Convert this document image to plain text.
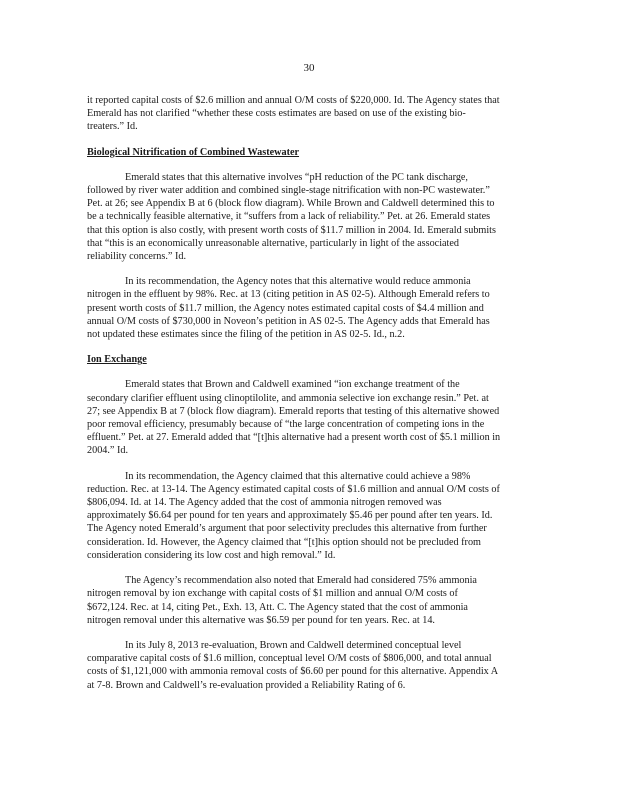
30

it reported capital costs of $2.6 million and annual O/M costs of $220,000. Id. The Agency states that Emerald has not clarified “whether these costs estimates are based on use of the existing bio-treaters.” Id.

Biological Nitrification of Combined Wastewater

Emerald states that this alternative involves “pH reduction of the PC tank discharge, followed by river water addition and combined single-stage nitrification with non-PC wastewater.” Pet. at 26; see Appendix B at 6 (block flow diagram). While Brown and Caldwell determined this to be a technically feasible alternative, it “suffers from a lack of reliability.” Pet. at 26. Emerald states that this option is also costly, with present worth costs of $11.7 million in 2004. Id. Emerald submits that “this is an economically unreasonable alternative, particularly in light of the associated reliability concerns.” Id.

In its recommendation, the Agency notes that this alternative would reduce ammonia nitrogen in the effluent by 98%. Rec. at 13 (citing petition in AS 02-5). Although Emerald refers to present worth costs of $11.7 million, the Agency notes estimated capital costs of $4.4 million and annual O/M costs of $730,000 in Noveon’s petition in AS 02-5. The Agency adds that Emerald has not updated these estimates since the filing of the petition in AS 02-5. Id., n.2.

Ion Exchange

Emerald states that Brown and Caldwell examined “ion exchange treatment of the secondary clarifier effluent using clinoptilolite, and ammonia selective ion exchange resin.” Pet. at 27; see Appendix B at 7 (block flow diagram). Emerald reports that testing of this alternative showed poor removal efficiency, presumably because of “the large concentration of competing ions in the effluent.” Pet. at 27. Emerald added that “[t]his alternative had a present worth cost of $5.1 million in 2004.” Id.

In its recommendation, the Agency claimed that this alternative could achieve a 98% reduction. Rec. at 13-14. The Agency estimated capital costs of $1.6 million and annual O/M costs of $806,094. Id. at 14. The Agency added that the cost of ammonia nitrogen removed was approximately $6.64 per pound for ten years and approximately $5.46 per pound after ten years. Id. The Agency noted Emerald’s argument that poor selectivity precludes this alternative from further consideration. Id. However, the Agency claimed that “[t]his option should not be precluded from consideration considering its low cost and high removal.” Id.

The Agency’s recommendation also noted that Emerald had considered 75% ammonia nitrogen removal by ion exchange with capital costs of $1 million and annual O/M costs of $672,124. Rec. at 14, citing Pet., Exh. 13, Att. C. The Agency stated that the cost of ammonia nitrogen removal under this alternative was $6.59 per pound for ten years. Rec. at 14.

In its July 8, 2013 re-evaluation, Brown and Caldwell determined conceptual level comparative capital costs of $1.6 million, conceptual level O/M costs of $806,000, and total annual costs of $1,121,000 with ammonia removal costs of $6.60 per pound for this alternative. Appendix A at 7-8. Brown and Caldwell’s re-evaluation provided a Reliability Rating of 6.
